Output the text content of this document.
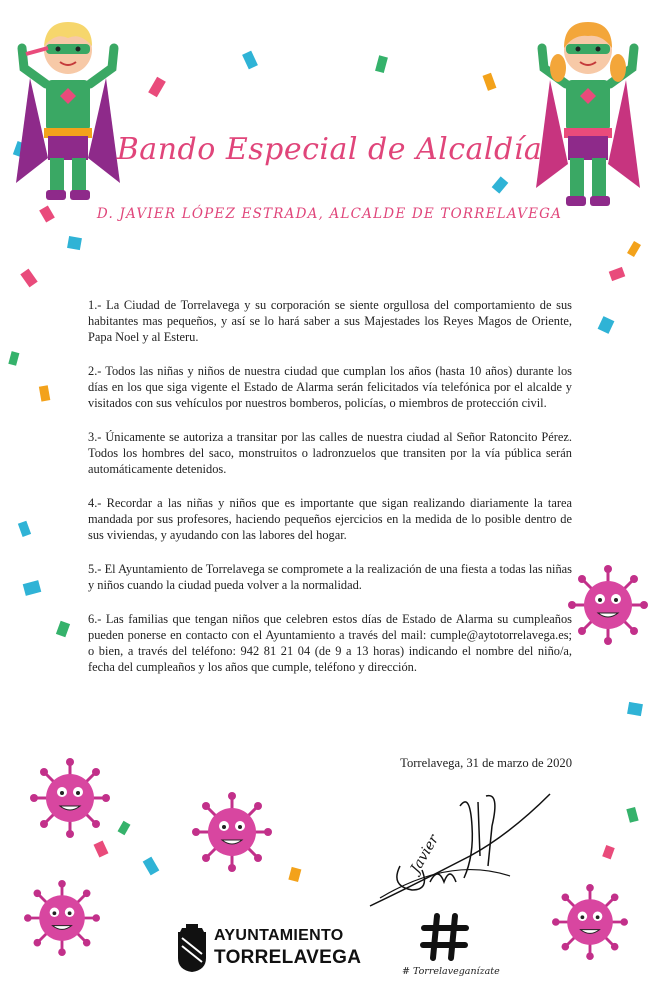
Bando Especial de Alcaldía
D. JAVIER LÓPEZ ESTRADA, ALCALDE DE TORRELAVEGA

1.- La Ciudad de Torrelavega y su corporación se siente orgullosa del comportamiento de sus habitantes mas pequeños, y así se lo hará saber a sus Majestades los Reyes Magos de Oriente, Papa Noel y al Esteru.

2.- Todos las niñas y niños de nuestra ciudad que cumplan los años (hasta 10 años) durante los días en los que siga vigente el Estado de Alarma serán felicitados vía telefónica por el alcalde y visitados con sus vehículos por nuestros bomberos, policías, o miembros de protección civil.

3.- Únicamente se autoriza a transitar por las calles de nuestra ciudad al Señor Ratoncito Pérez. Todos los hombres del saco, monstruitos o ladronzuelos que transiten por la vía pública serán automáticamente detenidos.

4.- Recordar a las niñas y niños que es importante que sigan realizando diariamente la tarea mandada por sus profesores, haciendo pequeños ejercicios en la medida de lo posible dentro de sus viviendas, y ayudando con las labores del hogar.

5.- El Ayuntamiento de Torrelavega se compromete a la realización de una fiesta a todas las niñas y niños cuando la ciudad pueda volver a la normalidad.

6.- Las familias que tengan niños que celebren estos días de Estado de Alarma su cumpleaños pueden ponerse en contacto con el Ayuntamiento a través del mail: cumple@aytotorrelavega.es; o bien, a través del teléfono: 942 81 21 04 (de 9 a 13 horas) indicando el nombre del niño/a, fecha del cumpleaños y los años que cumple, teléfono y dirección.

Torrelavega, 31 de marzo de 2020
Javier
# Torrelaveganízate
AYUNTAMIENTO
TORRELAVEGA
